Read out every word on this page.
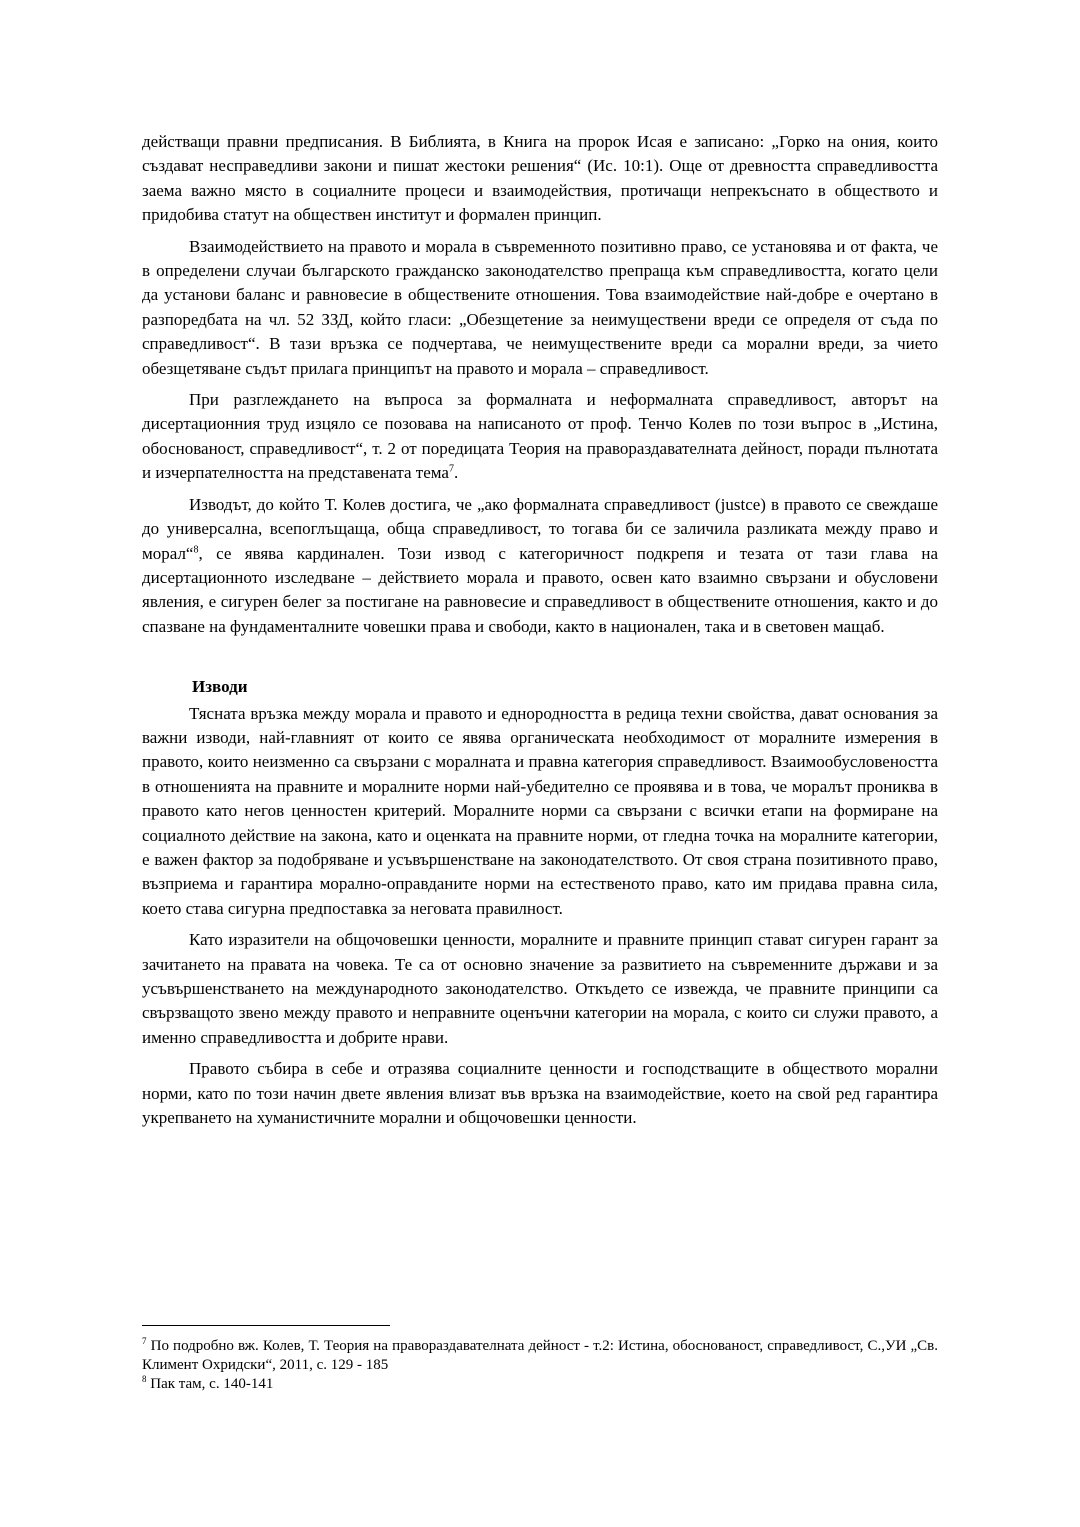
действащи правни предписания. В Библията, в Книга на пророк Исая е записано: „Горко на ония, които създават несправедливи закони и пишат жестоки решения“ (Ис. 10:1). Още от древността справедливостта заема важно място в социалните процеси и взаимодействия, протичащи непрекъснато в обществото и придобива статут на обществен институт и формален принцип.

Взаимодействието на правото и морала в съвременното позитивно право, се установява и от факта, че в определени случаи българското гражданско законодателство препраща към справедливостта, когато цели да установи баланс и равновесие в обществените отношения. Това взаимодействие най-добре е очертано в разпоредбата на чл. 52 ЗЗД, който гласи: „Обезщетение за неимуществени вреди се определя от съда по справедливост“. В тази връзка се подчертава, че неимуществените вреди са морални вреди, за чието обезщетяване съдът прилага принципът на правото и морала – справедливост.

При разглеждането на въпроса за формалната и неформалната справедливост, авторът на дисертационния труд изцяло се позовава на написаното от проф. Тенчо Колев по този въпрос в „Истина, обоснованост, справедливост“, т. 2 от поредицата Теория на правораздавателната дейност, поради пълнотата и изчерпателността на представената тема$^7$.

Изводът, до който Т. Колев достига, че „ако формалната справедливост (justce) в правото се свеждаше до универсална, всепоглъщаща, обща справедливост, то тогава би се заличила разликата между право и морал“$^8$, се явява кардинален. Този извод с категоричност подкрепя и тезата от тази глава на дисертационното изследване – действието морала и правото, освен като взаимно свързани и обусловени явления, е сигурен белег за постигане на равновесие и справедливост в обществените отношения, както и до спазване на фундаменталните човешки права и свободи, както в национален, така и в световен мащаб.

Изводи

Тясната връзка между морала и правото и еднородността в редица техни свойства, дават основания за важни изводи, най-главният от които се явява органическата необходимост от моралните измерения в правото, които неизменно са свързани с моралната и правна категория справедливост. Взаимообусловеността в отношенията на правните и моралните норми най-убедително се проявява и в това, че моралът прониква в правото като негов ценностен критерий. Моралните норми са свързани с всички етапи на формиране на социалното действие на закона, като и оценката на правните норми, от гледна точка на моралните категории, е важен фактор за подобряване и усъвършенстване на законодателството. От своя страна позитивното право, възприема и гарантира морално-оправданите норми на естественото право, като им придава правна сила, което става сигурна предпоставка за неговата правилност.

Като изразители на общочовешки ценности, моралните и правните принцип стават сигурен гарант за зачитането на правата на човека. Те са от основно значение за развитието на съвременните държави и за усъвършенстването на международното законодателство. Откъдето се извежда, че правните принципи са свързващото звено между правото и неправните оценъчни категории на морала, с които си служи правото, а именно справедливостта и добрите нрави.

Правото събира в себе и отразява социалните ценности и господстващите в обществото морални норми, като по този начин двете явления влизат във връзка на взаимодействие, което на свой ред гарантира укрепването на хуманистичните морални и общочовешки ценности.

$^7$ По подробно вж. Колев, Т. Теория на правораздавателната дейност - т.2: Истина, обоснованост, справедливост, С.,УИ „Св. Климент Охридски“, 2011, с. 129 - 185

$^8$ Пак там, с. 140-141
